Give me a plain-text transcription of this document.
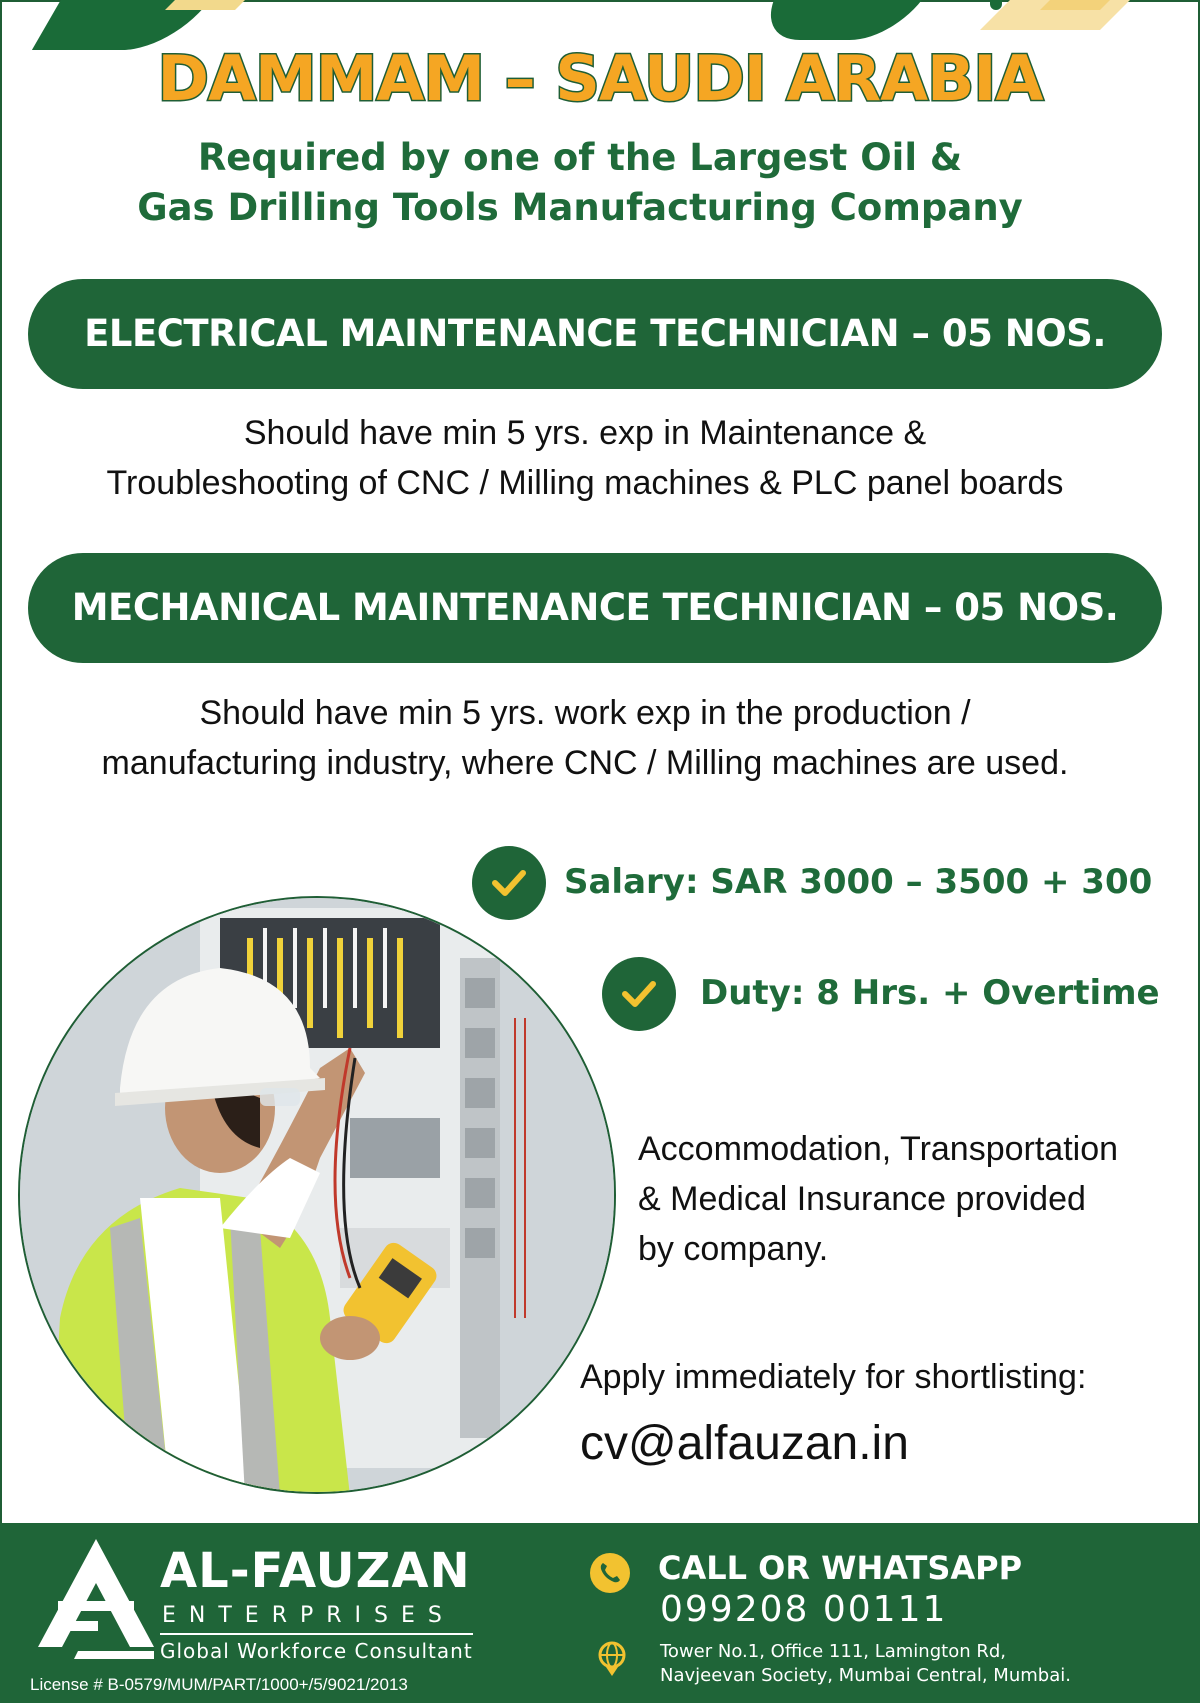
DAMMAM – SAUDI ARABIA
Required by one of the Largest Oil &
Gas Drilling Tools Manufacturing Company
ELECTRICAL MAINTENANCE TECHNICIAN – 05 NOS.
Should have min 5 yrs. exp in Maintenance &
Troubleshooting of CNC / Milling machines & PLC panel boards
MECHANICAL MAINTENANCE TECHNICIAN – 05 NOS.
Should have min 5 yrs. work exp in the production /
manufacturing industry, where CNC / Milling machines are used.
Salary: SAR 3000 – 3500 + 300
Duty: 8 Hrs. + Overtime
Accommodation, Transportation
& Medical Insurance provided
by company.
Apply immediately for shortlisting:
cv@alfauzan.in
AL-FAUZAN
ENTERPRISES
Global Workforce Consultant
License # B-0579/MUM/PART/1000+/5/9021/2013
CALL OR WHATSAPP
099208 00111
Tower No.1, Office 111, Lamington Rd,
Navjeevan Society, Mumbai Central, Mumbai.
